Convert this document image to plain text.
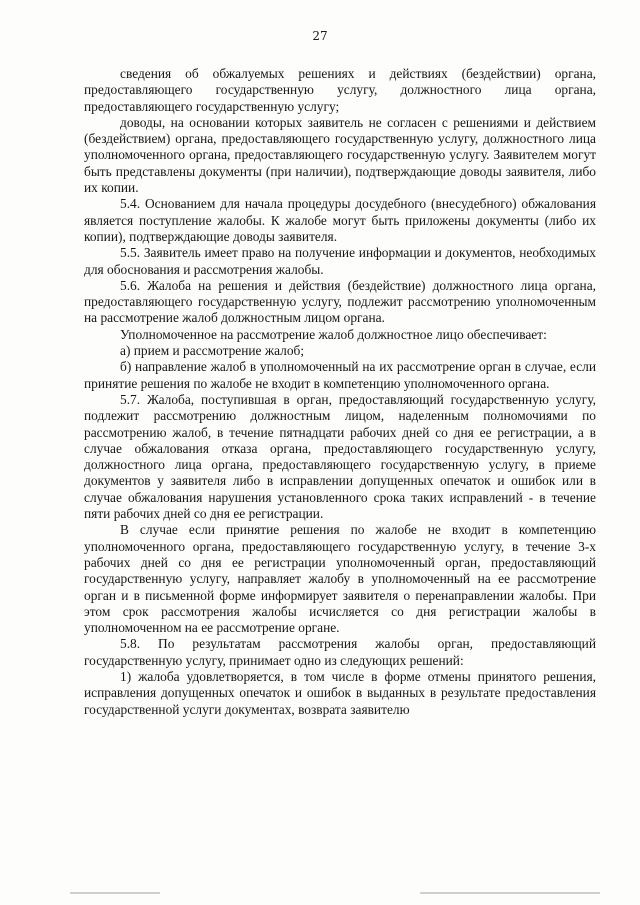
27

сведения об обжалуемых решениях и действиях (бездействии) органа, предоставляющего государственную услугу, должностного лица органа, предоставляющего государственную услугу;

доводы, на основании которых заявитель не согласен с решениями и действием (бездействием) органа, предоставляющего государственную услугу, должностного лица уполномоченного органа, предоставляющего государственную услугу. Заявителем могут быть представлены документы (при наличии), подтверждающие доводы заявителя, либо их копии.

5.4. Основанием для начала процедуры досудебного (внесудебного) обжалования является поступление жалобы. К жалобе могут быть приложены документы (либо их копии), подтверждающие доводы заявителя.

5.5. Заявитель имеет право на получение информации и документов, необходимых для обоснования и рассмотрения жалобы.

5.6. Жалоба на решения и действия (бездействие) должностного лица органа, предоставляющего государственную услугу, подлежит рассмотрению уполномоченным на рассмотрение жалоб должностным лицом органа.

Уполномоченное на рассмотрение жалоб должностное лицо обеспечивает:

а) прием и рассмотрение жалоб;

б) направление жалоб в уполномоченный на их рассмотрение орган в случае, если принятие решения по жалобе не входит в компетенцию уполномоченного органа.

5.7. Жалоба, поступившая в орган, предоставляющий государственную услугу, подлежит рассмотрению должностным лицом, наделенным полномочиями по рассмотрению жалоб, в течение пятнадцати рабочих дней со дня ее регистрации, а в случае обжалования отказа органа, предоставляющего государственную услугу, должностного лица органа, предоставляющего государственную услугу, в приеме документов у заявителя либо в исправлении допущенных опечаток и ошибок или в случае обжалования нарушения установленного срока таких исправлений - в течение пяти рабочих дней со дня ее регистрации.

В случае если принятие решения по жалобе не входит в компетенцию уполномоченного органа, предоставляющего государственную услугу, в течение 3-х рабочих дней со дня ее регистрации уполномоченный орган, предоставляющий государственную услугу, направляет жалобу в уполномоченный на ее рассмотрение орган и в письменной форме информирует заявителя о перенаправлении жалобы. При этом срок рассмотрения жалобы исчисляется со дня регистрации жалобы в уполномоченном на ее рассмотрение органе.

5.8. По результатам рассмотрения жалобы орган, предоставляющий государственную услугу, принимает одно из следующих решений:

1) жалоба удовлетворяется, в том числе в форме отмены принятого решения, исправления допущенных опечаток и ошибок в выданных в результате предоставления государственной услуги документах, возврата заявителю
